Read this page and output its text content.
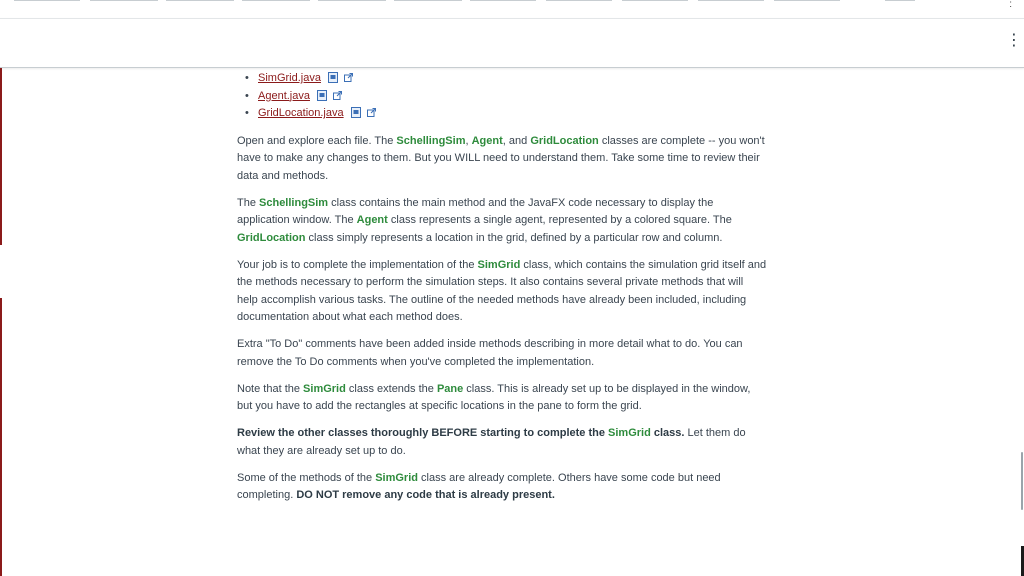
:
⋮
• SimGrid.java
• Agent.java
• GridLocation.java

Open and explore each file. The SchellingSim, Agent, and GridLocation classes are complete -- you won't have to make any changes to them. But you WILL need to understand them. Take some time to review their data and methods.

The SchellingSim class contains the main method and the JavaFX code necessary to display the application window. The Agent class represents a single agent, represented by a colored square. The GridLocation class simply represents a location in the grid, defined by a particular row and column.

Your job is to complete the implementation of the SimGrid class, which contains the simulation grid itself and the methods necessary to perform the simulation steps. It also contains several private methods that will help accomplish various tasks. The outline of the needed methods have already been included, including documentation about what each method does.

Extra "To Do" comments have been added inside methods describing in more detail what to do. You can remove the To Do comments when you've completed the implementation.

Note that the SimGrid class extends the Pane class. This is already set up to be displayed in the window, but you have to add the rectangles at specific locations in the pane to form the grid.

Review the other classes thoroughly BEFORE starting to complete the SimGrid class. Let them do what they are already set up to do.

Some of the methods of the SimGrid class are already complete. Others have some code but need completing. DO NOT remove any code that is already present.
